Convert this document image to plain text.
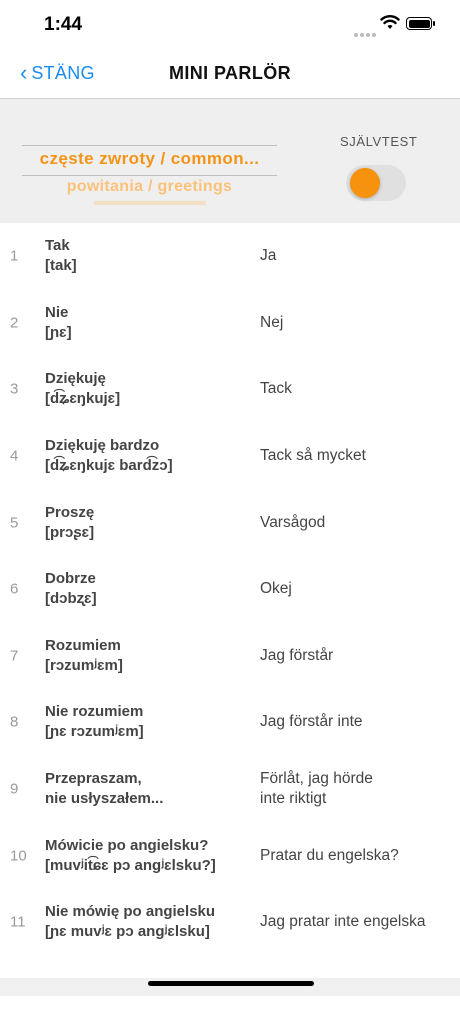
1:44
‹ STÄNG	MINI PARLÖR
częste zwroty / common...
powitania / greetings
▬▬▬▬▬▬▬▬
SJÄLVTEST
1
Tak
[tak]
Ja
2
Nie
[ɲɛ]
Nej
3
Dziękuję
[d͡ʑɛŋkujɛ]
Tack
4
Dziękuję bardzo
[d͡ʑɛŋkujɛ bard͡zɔ]
Tack så mycket
5
Proszę
[prɔʂɛ]
Varsågod
6
Dobrze
[dɔbʐɛ]
Okej
7
Rozumiem
[rɔzumʲɛm]
Jag förstår
8
Nie rozumiem
[ɲɛ rɔzumʲɛm]
Jag förstår inte
9
Przepraszam,
nie usłyszałem...
Förlåt, jag hörde
inte riktigt
10
Mówicie po angielsku?
[muvʲit͡ɕɛ pɔ anɡʲɛlsku?]
Pratar du engelska?
11
Nie mówię po angielsku
[ɲɛ muvʲɛ pɔ anɡʲɛlsku]
Jag pratar inte engelska
